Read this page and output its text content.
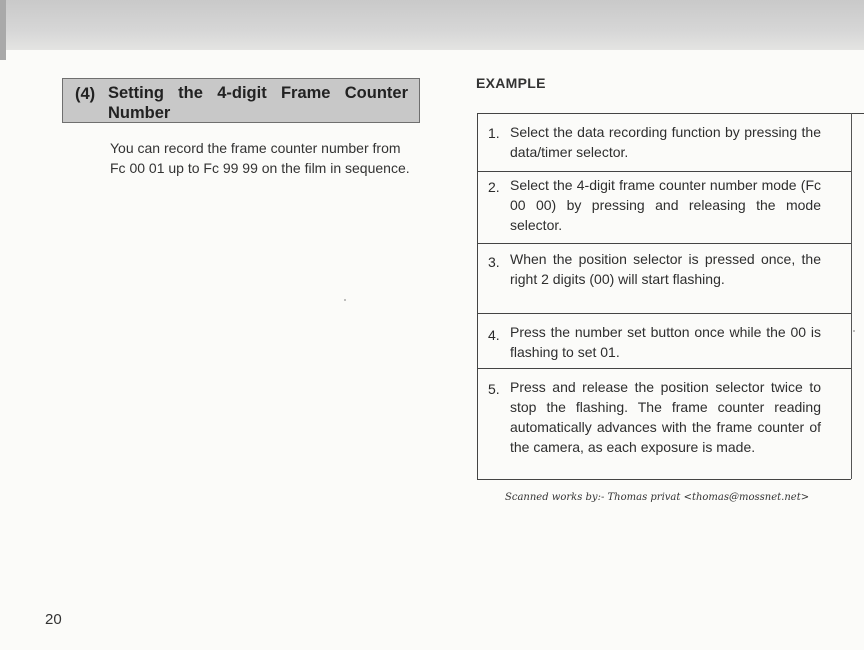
(4) Setting the 4-digit Frame Counter Number
You can record the frame counter number from Fc 00 01 up to Fc 99 99 on the film in sequence.
EXAMPLE
1. Select the data recording function by pressing the data/timer selector.
2. Select the 4-digit frame counter number mode (Fc 00 00) by pressing and releasing the mode selector.
3. When the position selector is pressed once, the right 2 digits (00) will start flashing.
4. Press the number set button once while the 00 is flashing to set 01.
5. Press and release the position selector twice to stop the flashing. The frame counter reading automatically advances with the frame counter of the camera, as each exposure is made.
Scanned works by:- Thomas privat <thomas@mossnet.net>
20
